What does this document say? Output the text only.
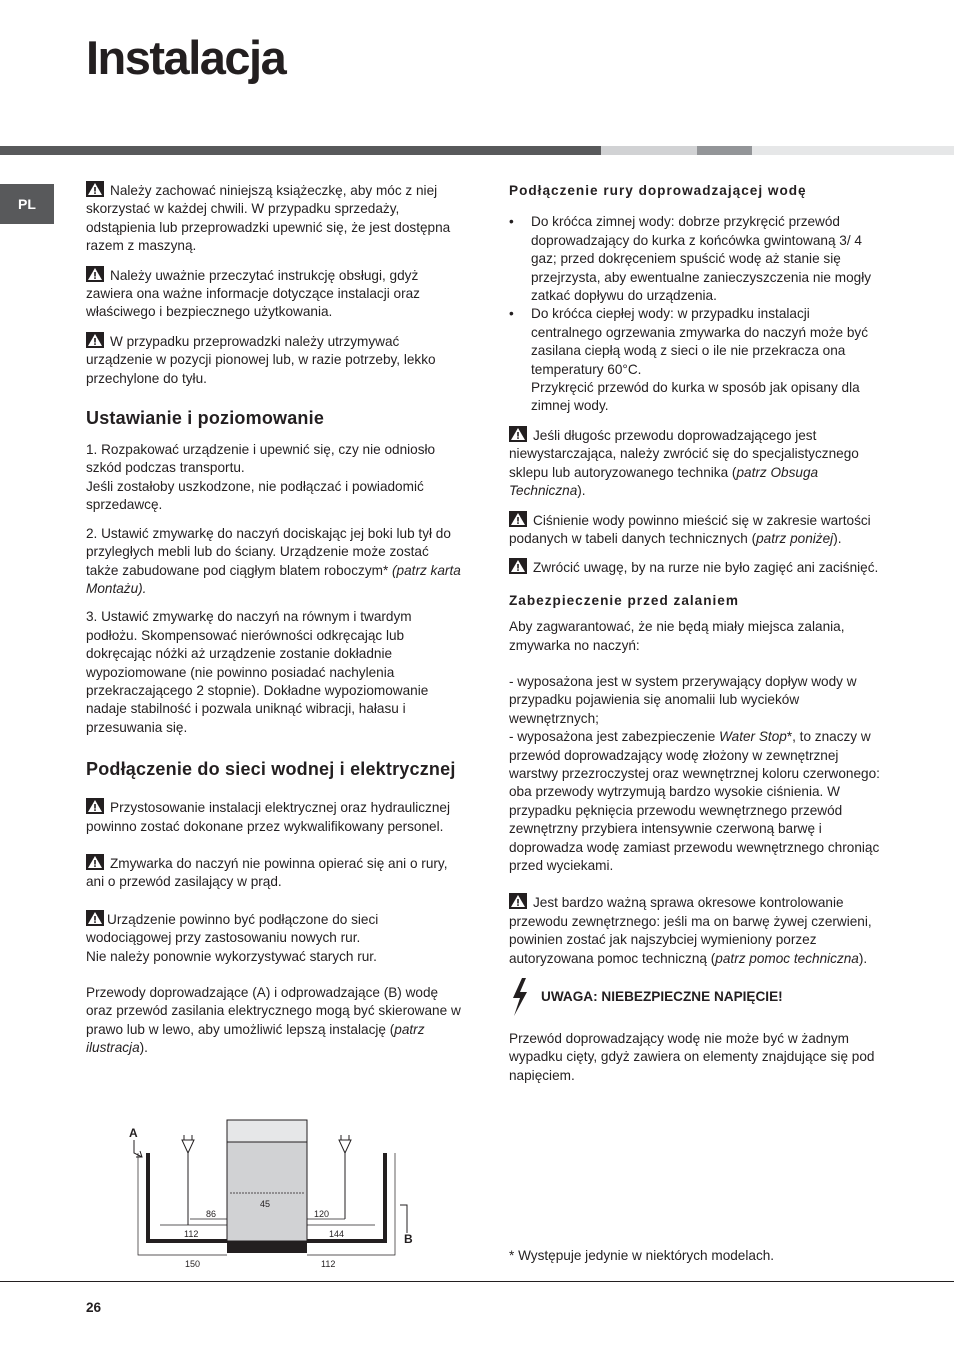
Instalacja
PL

Należy zachować niniejszą książeczkę, aby móc z niej skorzystać w każdej chwili. W przypadku sprzedaży, odstąpienia lub przeprowadzki upewnić się, że jest dostępna razem z maszyną.

Należy uważnie przeczytać instrukcję obsługi, gdyż zawiera ona ważne informacje dotyczące instalacji oraz właściwego i bezpiecznego użytkowania.

W przypadku przeprowadzki należy utrzymywać urządzenie w pozycji pionowej lub, w razie potrzeby, lekko przechylone do tyłu.

Ustawianie i poziomowanie

1. Rozpakować urządzenie i upewnić się, czy nie odniosło szkód podczas transportu.
Jeśli zostałoby uszkodzone, nie podłączać i powiadomić sprzedawcę.

2. Ustawić zmywarkę do naczyń dociskając jej boki lub tył do przyległych mebli lub do ściany. Urządzenie może zostać także zabudowane pod ciągłym blatem roboczym* (patrz karta Montażu).

3. Ustawić zmywarkę do naczyń na równym i twardym podłożu. Skompensować nierówności odkręcając lub dokręcając nóżki aż urządzenie zostanie dokładnie wypoziomowane (nie powinno posiadać nachylenia przekraczającego 2 stopnie). Dokładne wypoziomowanie nadaje stabilność i pozwala uniknąć wibracji, hałasu i przesuwania się.

Podłączenie do sieci wodnej i elektrycznej

Przystosowanie instalacji elektrycznej oraz hydraulicznej powinno zostać dokonane przez wykwalifikowany personel.

Zmywarka do naczyń nie powinna opierać się ani o rury, ani o przewód zasilający w prąd.

Urządzenie powinno być podłączone do sieci wodociągowej przy zastosowaniu nowych rur.
Nie należy ponownie wykorzystywać starych rur.

Przewody doprowadzające (A) i odprowadzające (B) wodę oraz przewód zasilania elektrycznego mogą być skierowane w prawo lub w lewo, aby umożliwić lepszą instalację (patrz ilustracja).

A
B
45
86	120
112	144
150	112
Podłączenie rury doprowadzającej wodę
• Do króćca zimnej wody: dobrze przykręcić przewód doprowadzający do kurka z końcówka gwintowaną 3/ 4 gaz; przed dokręceniem spuścić wodę aż stanie się przejrzysta, aby ewentualne zanieczyszczenia nie mogły zatkać dopływu do urządzenia.
• Do króćca ciepłej wody: w przypadku instalacji centralnego ogrzewania zmywarka do naczyń może być zasilana ciepłą wodą z sieci o ile nie przekracza ona temperatury 60°C.
Przykręcić przewód do kurka w sposób jak opisany dla zimnej wody.

Jeśli długośc przewodu doprowadzającego jest niewystarczająca, należy zwrócić się do specjalistycznego sklepu lub autoryzowanego technika (patrz Obsuga Techniczna).

Ciśnienie wody powinno mieścić się w zakresie wartości podanych w tabeli danych technicznych (patrz poniżej).

Zwrócić uwagę, by na rurze nie było zagięć ani zaciśnięć.

Zabezpieczenie przed zalaniem

Aby zagwarantować, że nie będą miały miejsca zalania, zmywarka no naczyń:

- wyposażona jest w system przerywający dopływ wody w przypadku pojawienia się anomalii lub wycieków wewnętrznych;
- wyposażona jest zabezpieczenie Water Stop*, to znaczy w przewód doprowadzający wodę złożony w zewnętrznej warstwy przezroczystej oraz wewnętrznej koloru czerwonego: oba przewody wytrzymują bardzo wysokie ciśnienia. W przypadku pęknięcia przewodu wewnętrznego przewód zewnętrzny przybiera intensywnie czerwoną barwę i doprowadza wodę zamiast przewodu wewnętrznego chroniąc przed wyciekami.

Jest bardzo ważną sprawa okresowe kontrolowanie przewodu zewnętrznego: jeśli ma on barwę żywej czerwieni, powinien zostać jak najszybciej wymieniony porzez autoryzowana pomoc techniczną (patrz pomoc techniczna).

UWAGA: NIEBEZPIECZNE NAPIĘCIE!

Przewód doprowadzający wodę nie może być w żadnym wypadku cięty, gdyż zawiera on elementy znajdujące się pod napięciem.

* Występuje jedynie w niektórych modelach.
26
